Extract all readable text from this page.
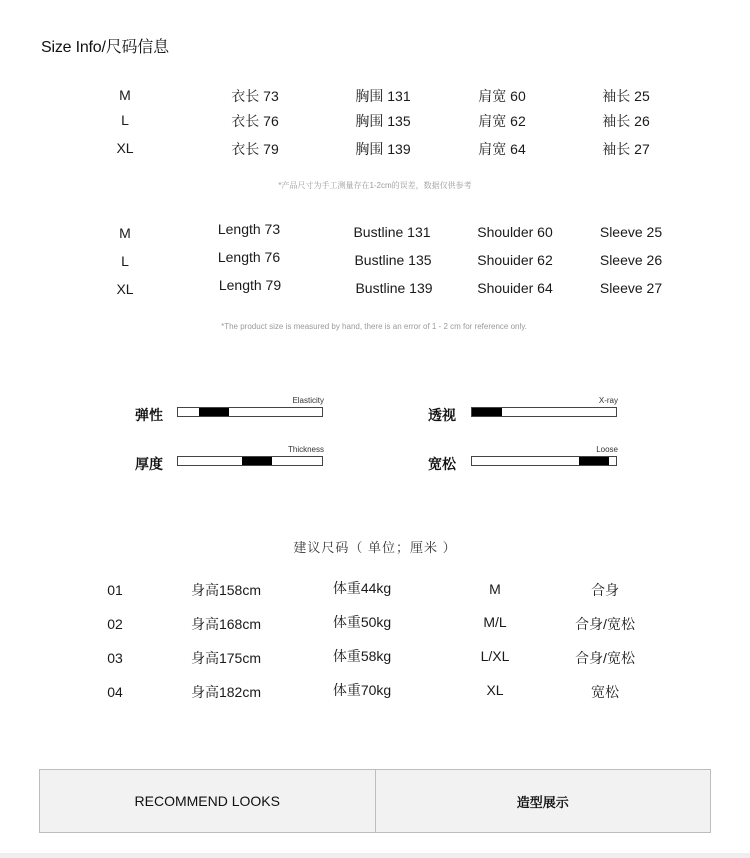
Size Info/尺码信息
M	衣长 73	胸围 131	肩宽 60	袖长 25
L	衣长 76	胸围 135	肩宽 62	袖长 26
XL	衣长 79	胸围 139	肩宽 64	袖长 27
*产品尺寸为手工测量存在1-2cm的误差，数据仅供参考
M	Length 73	Bustline 131	Shoulder 60	Sleeve 25
L	Length 76	Bustline 135	Shouider 62	Sleeve 26
XL	Length 79	Bustline 139	Shouider 64	Sleeve 27
*The product size is measured by hand, there is an error of 1 - 2 cm for reference only.
弹性
Elasticity
透视
X-ray
厚度
Thickness
宽松
Loose
建议尺码（ 单位；厘米 ）
01	身高158cm	体重44kg	M	合身
02	身高168cm	体重50kg	M/L	合身/宽松
03	身高175cm	体重58kg	L/XL	合身/宽松
04	身高182cm	体重70kg	XL	宽松
RECOMMEND LOOKS	造型展示
